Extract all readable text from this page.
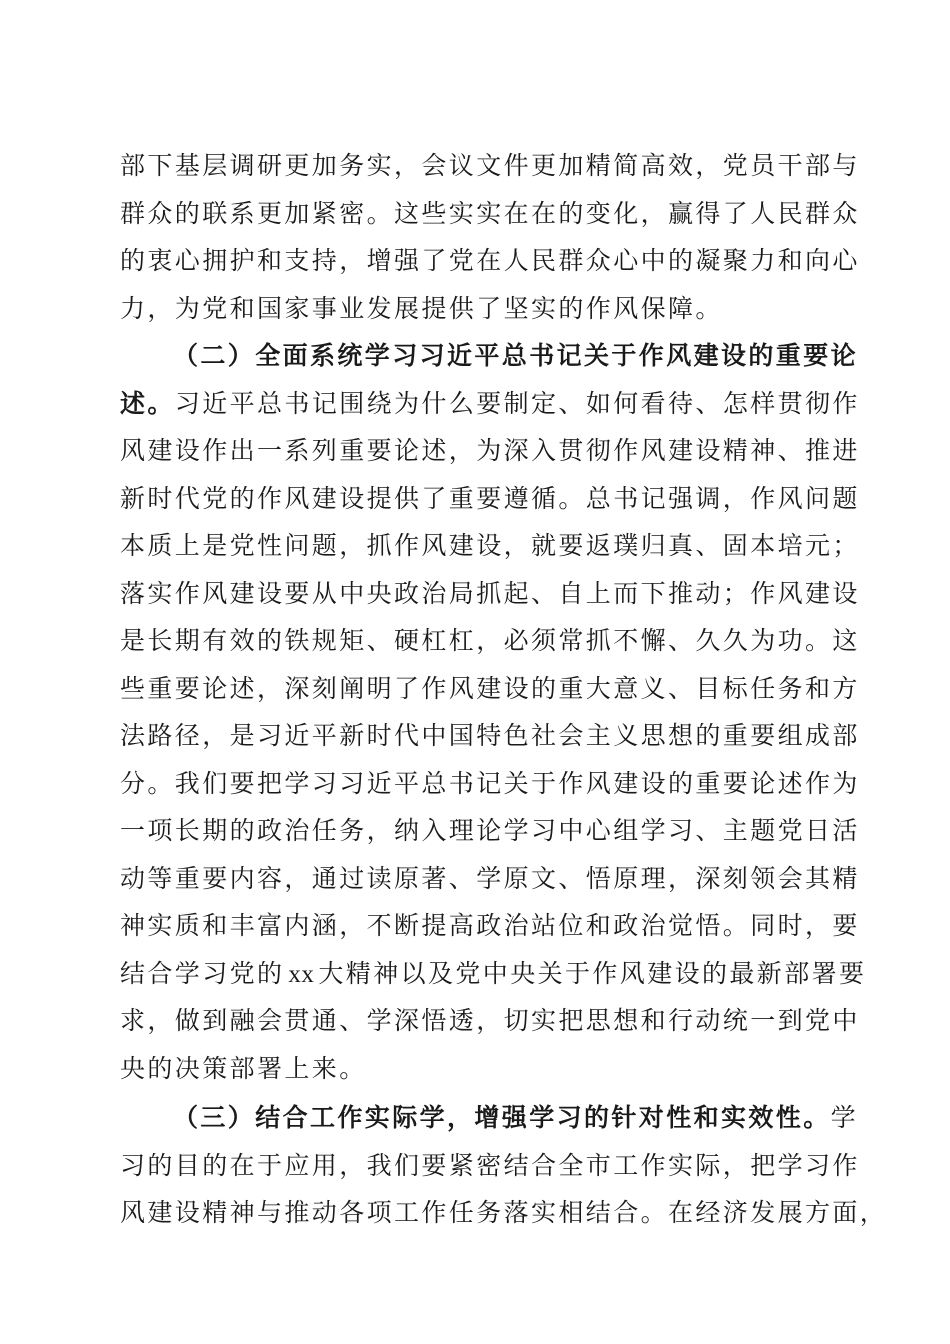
部下基层调研更加务实，会议文件更加精简高效，党员干部与
群众的联系更加紧密。这些实实在在的变化，赢得了人民群众
的衷心拥护和支持，增强了党在人民群众心中的凝聚力和向心
力，为党和国家事业发展提供了坚实的作风保障。
（二）全面系统学习习近平总书记关于作风建设的重要论
述。习近平总书记围绕为什么要制定、如何看待、怎样贯彻作
风建设作出一系列重要论述，为深入贯彻作风建设精神、推进
新时代党的作风建设提供了重要遵循。总书记强调，作风问题
本质上是党性问题，抓作风建设，就要返璞归真、固本培元；
落实作风建设要从中央政治局抓起、自上而下推动；作风建设
是长期有效的铁规矩、硬杠杠，必须常抓不懈、久久为功。这
些重要论述，深刻阐明了作风建设的重大意义、目标任务和方
法路径，是习近平新时代中国特色社会主义思想的重要组成部
分。我们要把学习习近平总书记关于作风建设的重要论述作为
一项长期的政治任务，纳入理论学习中心组学习、主题党日活
动等重要内容，通过读原著、学原文、悟原理，深刻领会其精
神实质和丰富内涵，不断提高政治站位和政治觉悟。同时，要
结合学习党的 xx 大精神以及党中央关于作风建设的最新部署要
求，做到融会贯通、学深悟透，切实把思想和行动统一到党中
央的决策部署上来。
（三）结合工作实际学，增强学习的针对性和实效性。学
习的目的在于应用，我们要紧密结合全市工作实际，把学习作
风建设精神与推动各项工作任务落实相结合。在经济发展方面，
